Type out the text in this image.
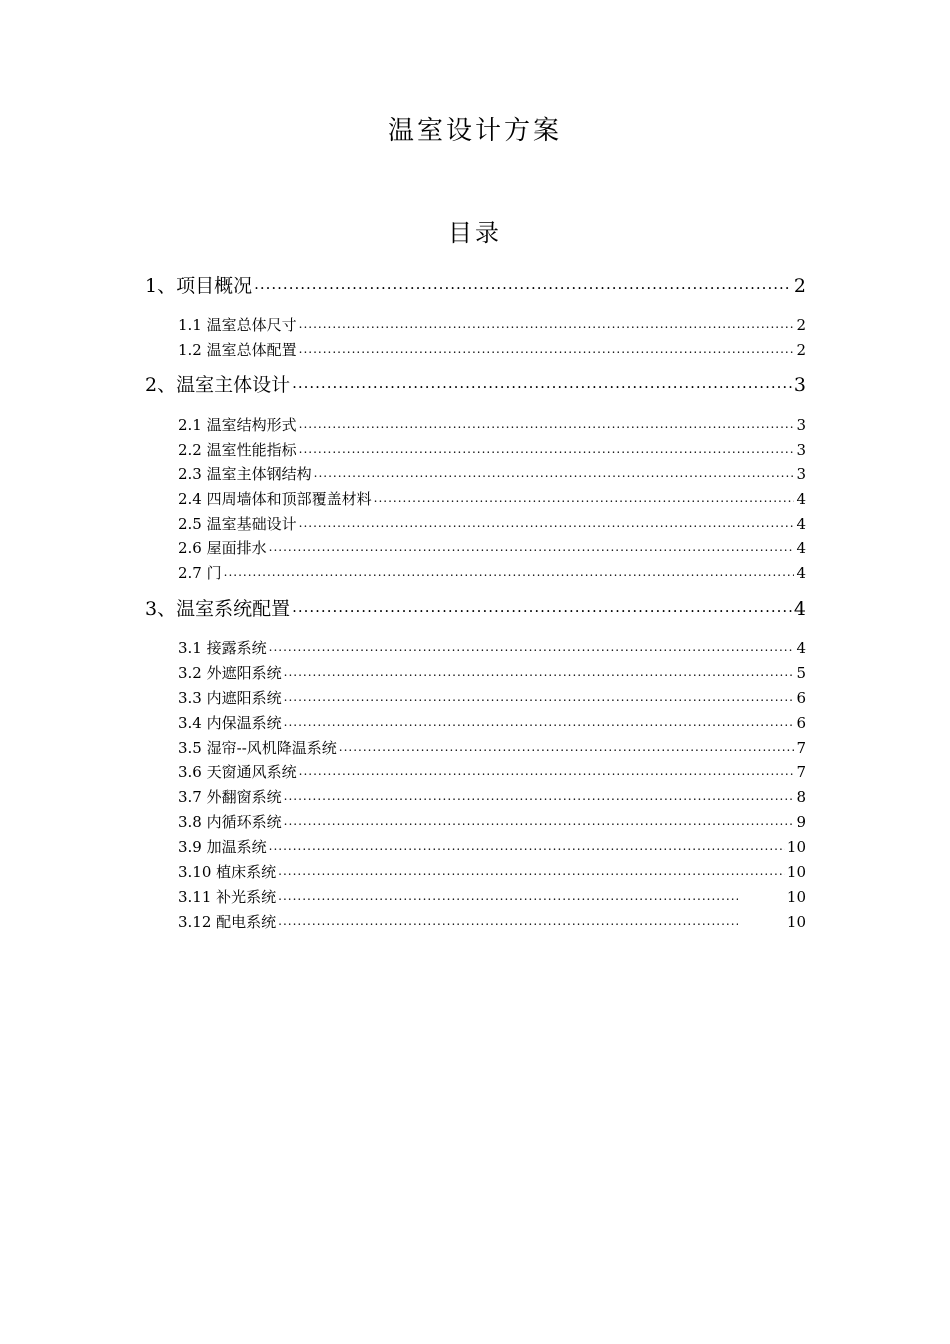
温室设计方案
目录
1、项目概况 .....	2
1.1 温室总体尺寸 .....	2
1.2 温室总体配置 .....	2
2、温室主体设计 .....	3
2.1 温室结构形式 .....	3
2.2 温室性能指标 .....	3
2.3 温室主体钢结构 .....	3
2.4 四周墙体和顶部覆盖材料 .....	4
2.5 温室基础设计 .....	4
2.6 屋面排水 .....	4
2.7 门 .....	4
3、温室系统配置 .....	4
3.1 接露系统 .....	4
3.2 外遮阳系统 .....	5
3.3 内遮阳系统 .....	6
3.4 内保温系统 .....	6
3.5 湿帘--风机降温系统 .....	7
3.6 天窗通风系统 .....	7
3.7 外翻窗系统 .....	8
3.8 内循环系统 .....	9
3.9 加温系统 .....	10
3.10 植床系统 .....	10
3.11 补光系统 .....	10
3.12 配电系统 .....	10
